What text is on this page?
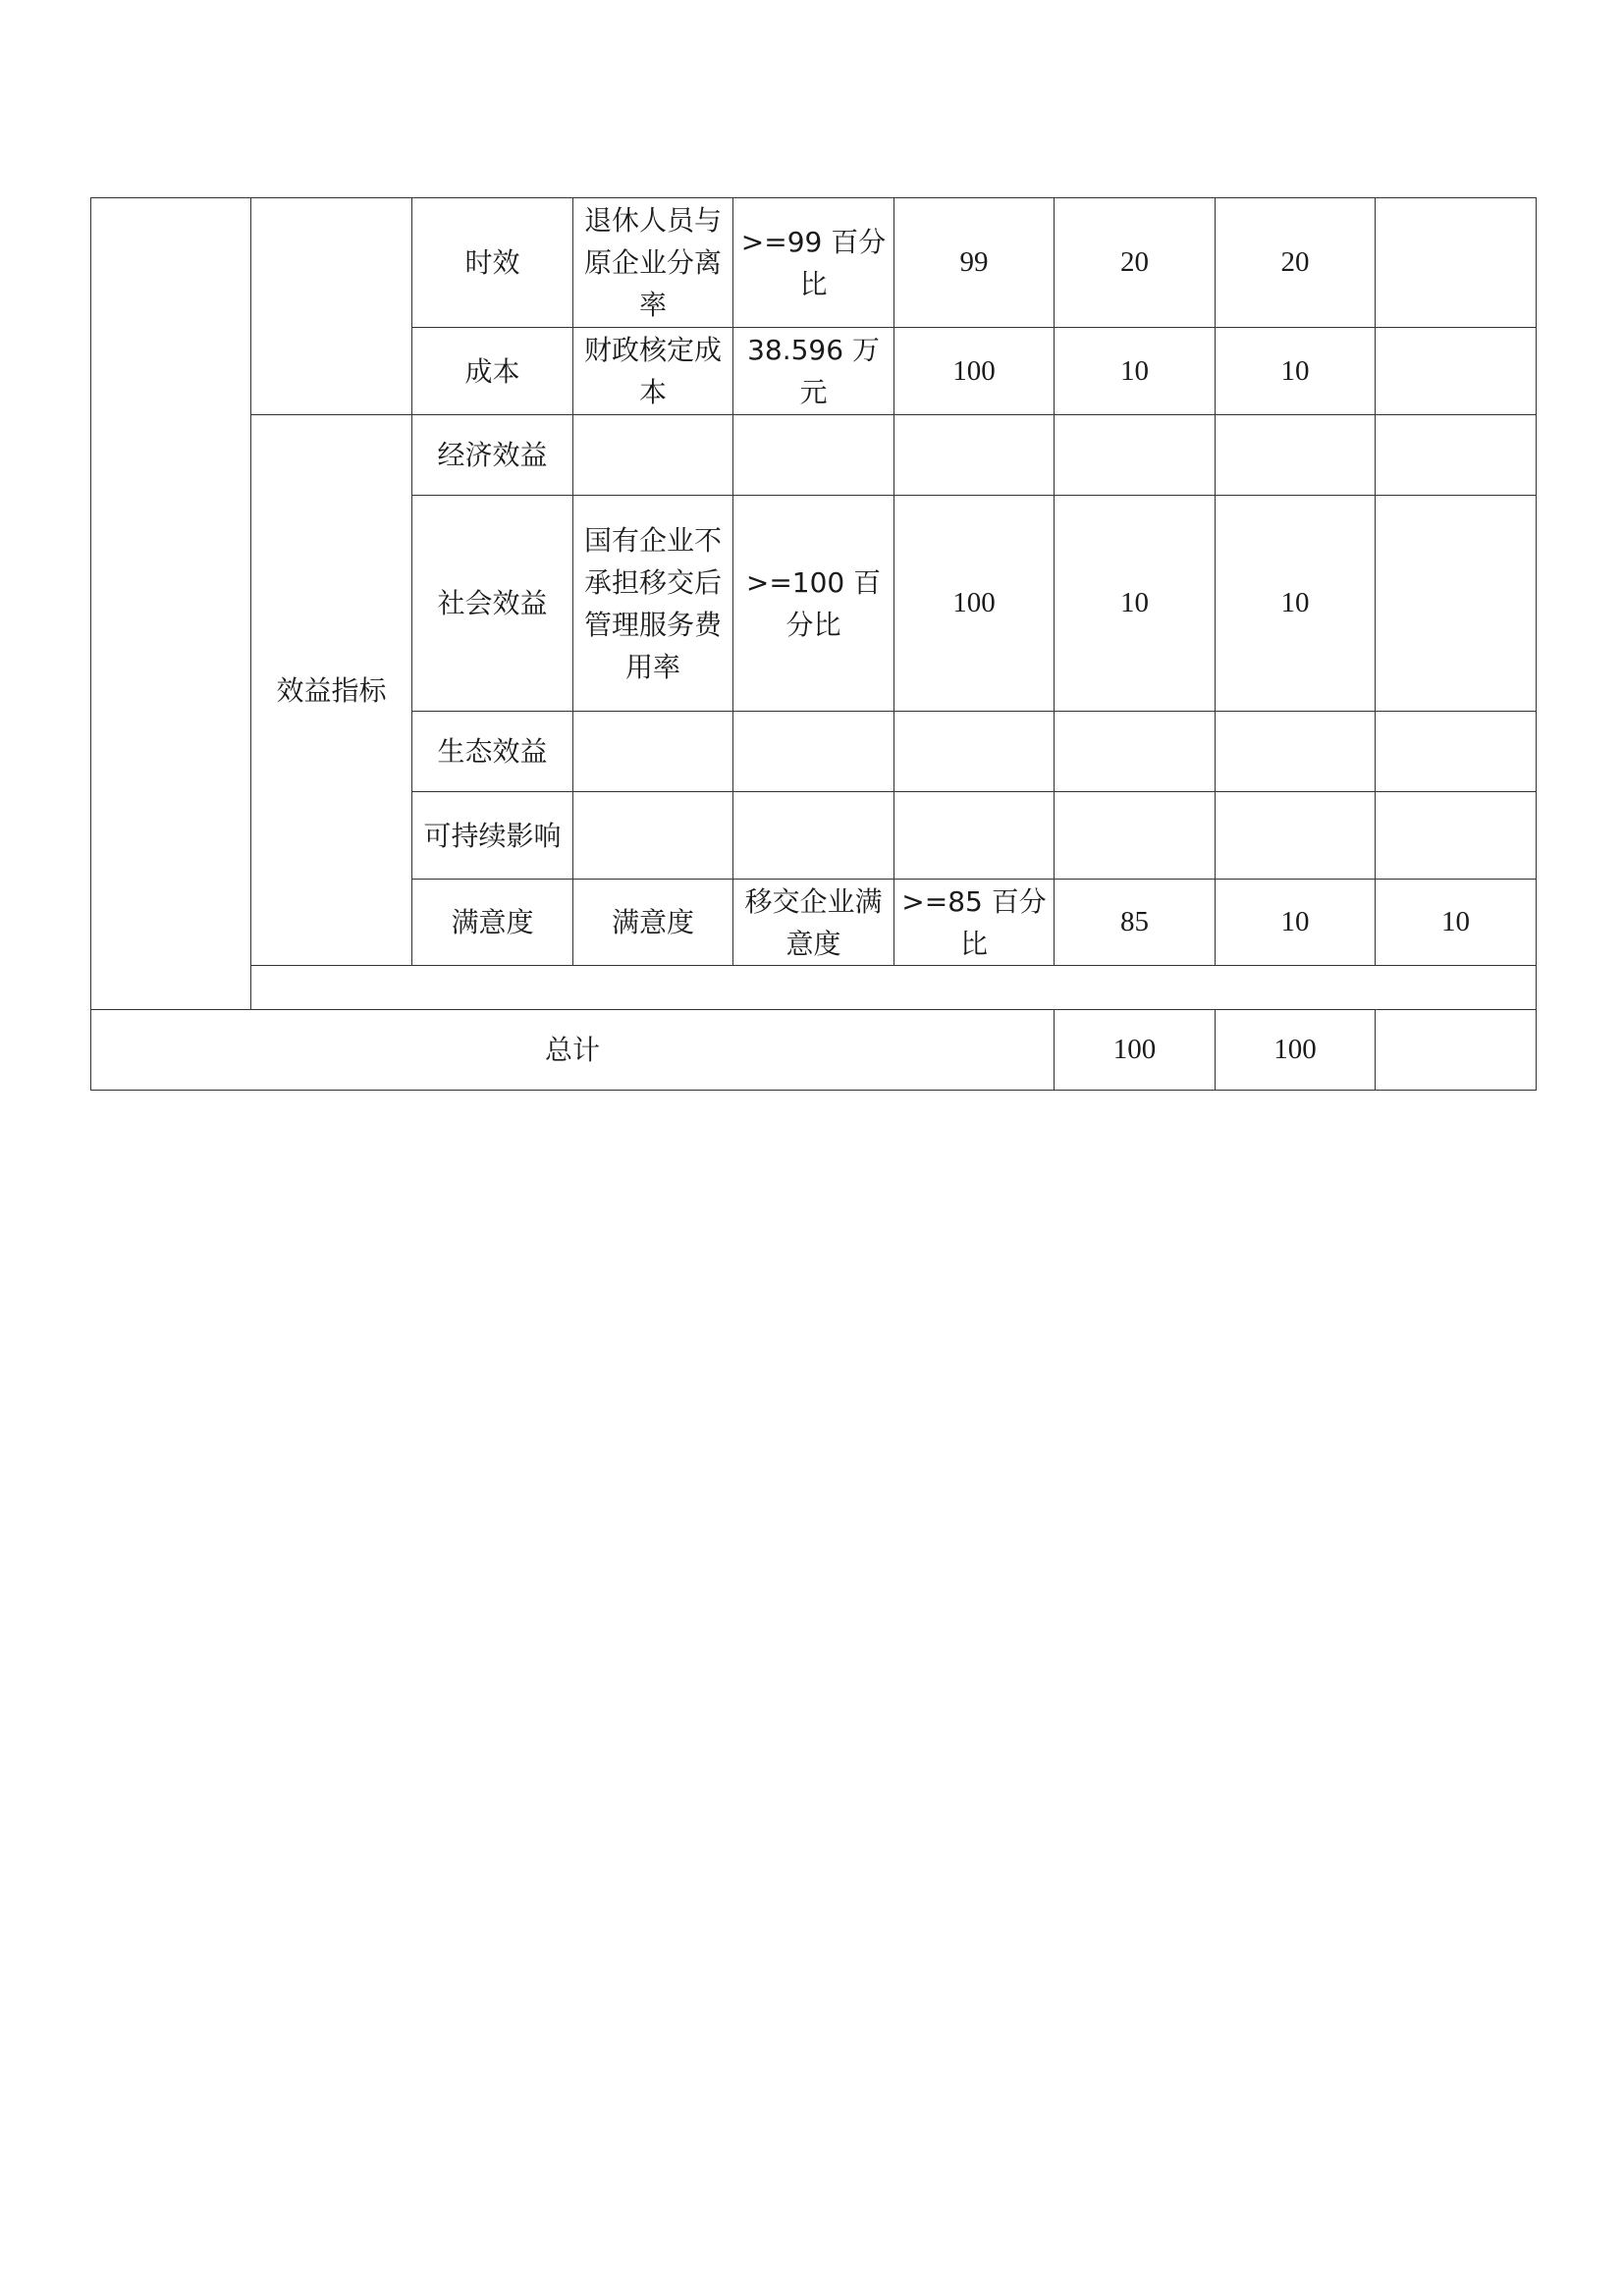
		时效	退休人员与原企业分离率	>=99 百分比	99	20	20		
		成本	财政核定成本	38.596 万元	100	10	10		
	效益指标	经济效益							
		社会效益	国有企业不承担移交后管理服务费用率	>=100 百分比	100	10	10		
		生态效益							
		可持续影响							
		满意度	满意度	移交企业满意度	>=85 百分比	85	10	10	

总计						100	100		
